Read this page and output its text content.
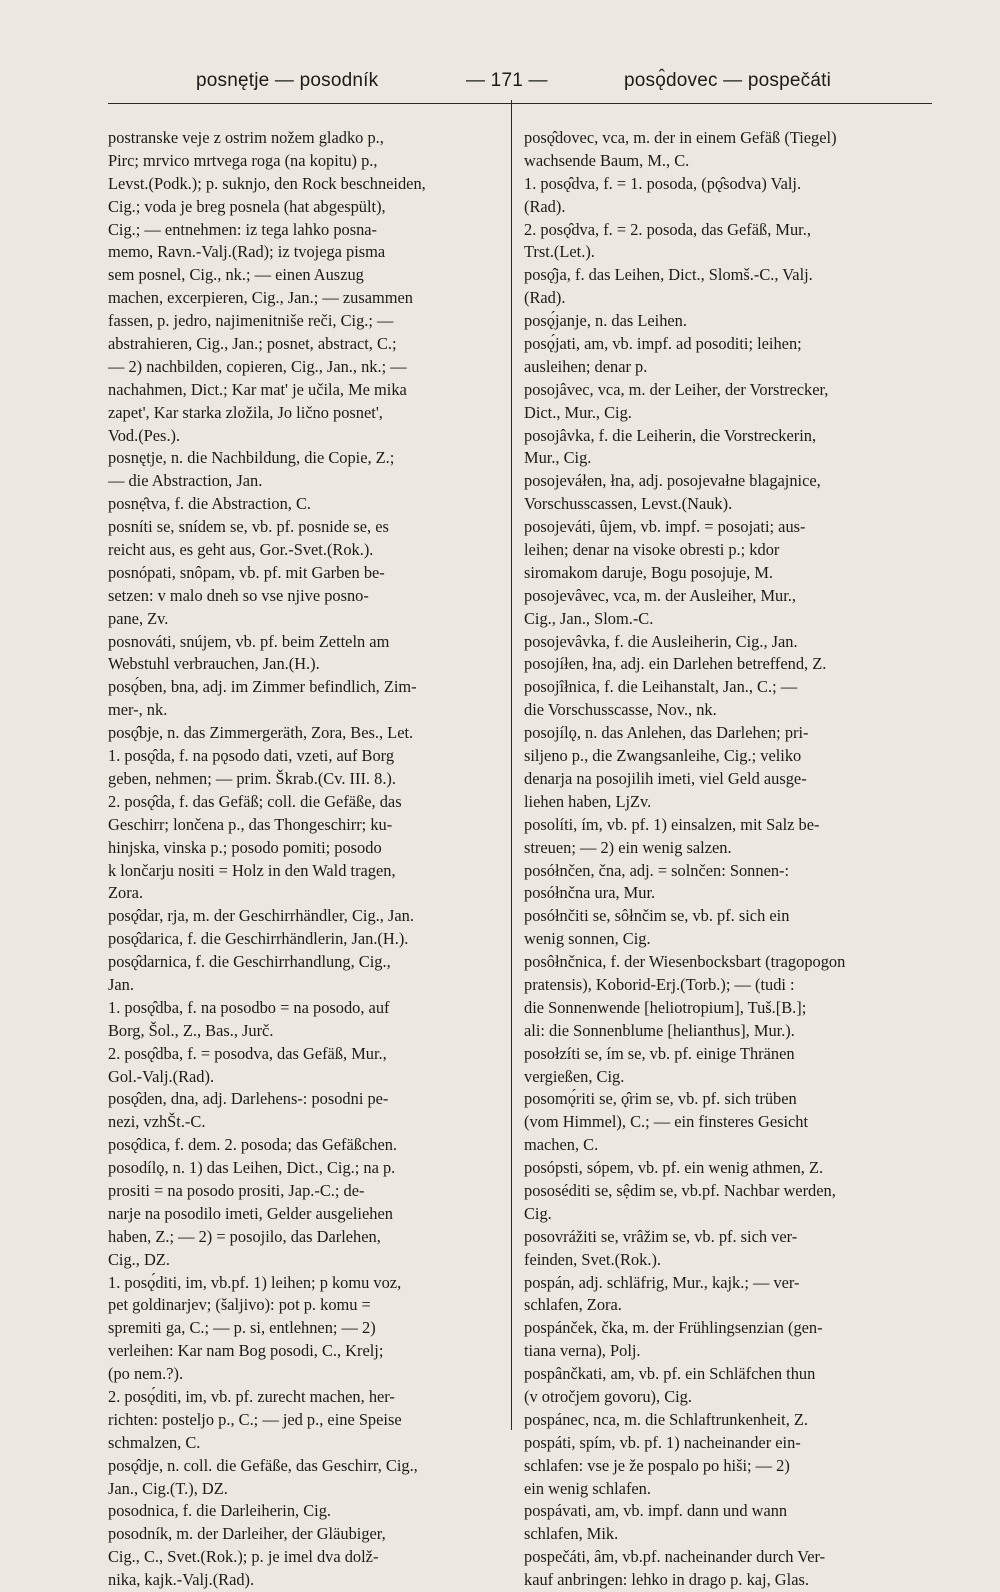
posnętje — posodník	— 171 —	posǫ̂dovec — pospečáti
postranske veje z ostrim nožem gladko p.,
Pirc; mrvico mrtvega roga (na kopitu) p.,
Levst.(Podk.); p. suknjo, den Rock beschneiden,
Cig.; voda je breg posnela (hat abgespült),
Cig.; — entnehmen: iz tega lahko posna-
memo, Ravn.-Valj.(Rad); iz tvojega pisma
sem posnel, Cig., nk.; — einen Auszug
machen, excerpieren, Cig., Jan.; — zusammen
fassen, p. jedro, najimenitniše reči, Cig.; —
abstrahieren, Cig., Jan.; posnet, abstract, C.;
— 2) nachbilden, copieren, Cig., Jan., nk.; —
nachahmen, Dict.; Kar mat' je učila, Me mika
zapet', Kar starka zložila, Jo lično posnet',
Vod.(Pes.).
posnętje, n. die Nachbildung, die Copie, Z.;
— die Abstraction, Jan.
posnẹ̑tva, f. die Abstraction, C.
posníti se, snídem se, vb. pf. posnide se, es
reicht aus, es geht aus, Gor.-Svet.(Rok.).
posnópati, snôpam, vb. pf. mit Garben be-
setzen: v malo dneh so vse njive posno-
pane, Zv.
posnováti, snújem, vb. pf. beim Zetteln am
Webstuhl verbrauchen, Jan.(H.).
posǫ́ben, bna, adj. im Zimmer befindlich, Zim-
mer-, nk.
posǫ̂bje, n. das Zimmergeräth, Zora, Bes., Let.
1. posǫ̂da, f. na pǫsodo dati, vzeti, auf Borg
geben, nehmen; — prim. Škrab.(Cv. III. 8.).
2. posǫ̂da, f. das Gefäß; coll. die Gefäße, das
Geschirr; lončena p., das Thongeschirr; ku-
hinjska, vinska p.; posodo pomiti; posodo
k lončarju nositi = Holz in den Wald tragen,
Zora.
posǫ̂dar, rja, m. der Geschirrhändler, Cig., Jan.
posǫ̂darica, f. die Geschirrhändlerin, Jan.(H.).
posǫ̂darnica, f. die Geschirrhandlung, Cig.,
Jan.
1. posǫ̂dba, f. na posodbo = na posodo, auf
Borg, Šol., Z., Bas., Jurč.
2. posǫ̂dba, f. = posodva, das Gefäß, Mur.,
Gol.-Valj.(Rad).
posǫ̂den, dna, adj. Darlehens-: posodni pe-
nezi, vzhŠt.-C.
posǫ̂dica, f. dem. 2. posoda; das Gefäßchen.
posodílǫ, n. 1) das Leihen, Dict., Cig.; na p.
prositi = na posodo prositi, Jap.-C.; de-
narje na posodilo imeti, Gelder ausgeliehen
haben, Z.; — 2) = posojilo, das Darlehen,
Cig., DZ.
1. posǫ́diti, im, vb.pf. 1) leihen; p komu voz,
pet goldinarjev; (šaljivo): pot p. komu =
spremiti ga, C.; — p. si, entlehnen; — 2)
verleihen: Kar nam Bog posodi, C., Krelj;
(po nem.?).
2. posǫ́diti, im, vb. pf. zurecht machen, her-
richten: posteljo p., C.; — jed p., eine Speise
schmalzen, C.
posǫ̂dje, n. coll. die Gefäße, das Geschirr, Cig.,
Jan., Cig.(T.), DZ.
posodnica, f. die Darleiherin, Cig.
posodník, m. der Darleiher, der Gläubiger,
Cig., C., Svet.(Rok.); p. je imel dva dolž-
nika, kajk.-Valj.(Rad).
posǫ̂dovec, vca, m. der in einem Gefäß (Tiegel)
wachsende Baum, M., C.
1. posǫ̂dva, f. = 1. posoda, (pǫ̂sodva) Valj.
(Rad).
2. posǫ̂dva, f. = 2. posoda, das Gefäß, Mur.,
Trst.(Let.).
posǫ̂ja, f. das Leihen, Dict., Slomš.-C., Valj.
(Rad).
posǫ́janje, n. das Leihen.
posǫ́jati, am, vb. impf. ad posoditi; leihen;
ausleihen; denar p.
posojâvec, vca, m. der Leiher, der Vorstrecker,
Dict., Mur., Cig.
posojâvka, f. die Leiherin, die Vorstreckerin,
Mur., Cig.
posojeváłen, łna, adj. posojevałne blagajnice,
Vorschusscassen, Levst.(Nauk).
posojeváti, ûjem, vb. impf. = posojati; aus-
leihen; denar na visoke obresti p.; kdor
siromakom daruje, Bogu posojuje, M.
posojevâvec, vca, m. der Ausleiher, Mur.,
Cig., Jan., Slom.-C.
posojevâvka, f. die Ausleiherin, Cig., Jan.
posojíłen, łna, adj. ein Darlehen betreffend, Z.
posojîłnica, f. die Leihanstalt, Jan., C.; —
die Vorschusscasse, Nov., nk.
posojílǫ, n. das Anlehen, das Darlehen; pri-
siljeno p., die Zwangsanleihe, Cig.; veliko
denarja na posojilih imeti, viel Geld ausge-
liehen haben, LjZv.
posolíti, ím, vb. pf. 1) einsalzen, mit Salz be-
streuen; — 2) ein wenig salzen.
posółnčen, čna, adj. = solnčen: Sonnen-:
posółnčna ura, Mur.
posółnčiti se, sôłnčim se, vb. pf. sich ein
wenig sonnen, Cig.
posôłnčnica, f. der Wiesenbocksbart (tragopogon
pratensis), Koborid-Erj.(Torb.); — (tudi :
die Sonnenwende [heliotropium], Tuš.[B.];
ali: die Sonnenblume [helianthus], Mur.).
posołzíti se, ím se, vb. pf. einige Thränen
vergießen, Cig.
posomǫ́riti se, ǫ̂rim se, vb. pf. sich trüben
(vom Himmel), C.; — ein finsteres Gesicht
machen, C.
posópsti, sópem, vb. pf. ein wenig athmen, Z.
pososéditi se, sệdim se, vb.pf. Nachbar werden,
Cig.
posovrážiti se, vrâžim se, vb. pf. sich ver-
feinden, Svet.(Rok.).
pospán, adj. schläfrig, Mur., kajk.; — ver-
schlafen, Zora.
pospánček, čka, m. der Frühlingsenzian (gen-
tiana verna), Polj.
pospânčkati, am, vb. pf. ein Schläfchen thun
(v otročjem govoru), Cig.
pospánec, nca, m. die Schlaftrunkenheit, Z.
pospáti, spím, vb. pf. 1) nacheinander ein-
schlafen: vse je že pospalo po hiši; — 2)
ein wenig schlafen.
pospávati, am, vb. impf. dann und wann
schlafen, Mik.
pospečáti, âm, vb.pf. nacheinander durch Ver-
kauf anbringen: lehko in drago p. kaj, Glas.
